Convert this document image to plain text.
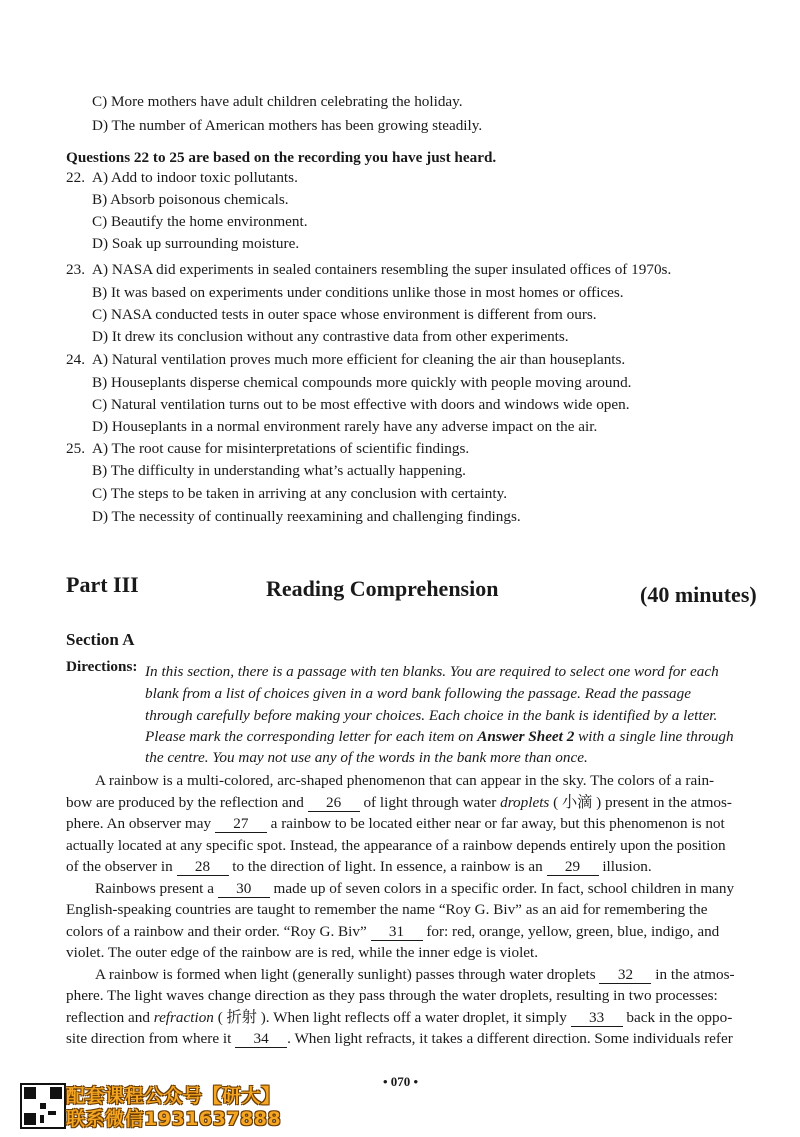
C) More mothers have adult children celebrating the holiday.
D) The number of American mothers has been growing steadily.
Questions 22 to 25 are based on the recording you have just heard.
22. A) Add to indoor toxic pollutants.
B) Absorb poisonous chemicals.
C) Beautify the home environment.
D) Soak up surrounding moisture.
23. A) NASA did experiments in sealed containers resembling the super insulated offices of 1970s.
B) It was based on experiments under conditions unlike those in most homes or offices.
C) NASA conducted tests in outer space whose environment is different from ours.
D) It drew its conclusion without any contrastive data from other experiments.
24. A) Natural ventilation proves much more efficient for cleaning the air than houseplants.
B) Houseplants disperse chemical compounds more quickly with people moving around.
C) Natural ventilation turns out to be most effective with doors and windows wide open.
D) Houseplants in a normal environment rarely have any adverse impact on the air.
25. A) The root cause for misinterpretations of scientific findings.
B) The difficulty in understanding what’s actually happening.
C) The steps to be taken in arriving at any conclusion with certainty.
D) The necessity of continually reexamining and challenging findings.
Part III	Reading Comprehension	(40 minutes)
Section A
Directions: In this section, there is a passage with ten blanks. You are required to select one word for each
blank from a list of choices given in a word bank following the passage. Read the passage
through carefully before making your choices. Each choice in the bank is identified by a letter.
Please mark the corresponding letter for each item on Answer Sheet 2 with a single line through
the centre. You may not use any of the words in the bank more than once.
A rainbow is a multi-colored, arc-shaped phenomenon that can appear in the sky. The colors of a rain-
bow are produced by the reflection and 26 of light through water droplets ( 小滴 ) present in the atmos-
phere. An observer may 27 a rainbow to be located either near or far away, but this phenomenon is not
actually located at any specific spot. Instead, the appearance of a rainbow depends entirely upon the position
of the observer in 28 to the direction of light. In essence, a rainbow is an 29 illusion.
Rainbows present a 30 made up of seven colors in a specific order. In fact, school children in many
English-speaking countries are taught to remember the name “Roy G. Biv” as an aid for remembering the
colors of a rainbow and their order. “Roy G. Biv” 31 for: red, orange, yellow, green, blue, indigo, and
violet. The outer edge of the rainbow are is red, while the inner edge is violet.
A rainbow is formed when light (generally sunlight) passes through water droplets 32 in the atmos-
phere. The light waves change direction as they pass through the water droplets, resulting in two processes:
reflection and refraction ( 折射 ). When light reflects off a water droplet, it simply 33 back in the oppo-
site direction from where it 34 . When light refracts, it takes a different direction. Some individuals refer
• 070 •
配套课程公众号【研大】
联系微信1931637888
